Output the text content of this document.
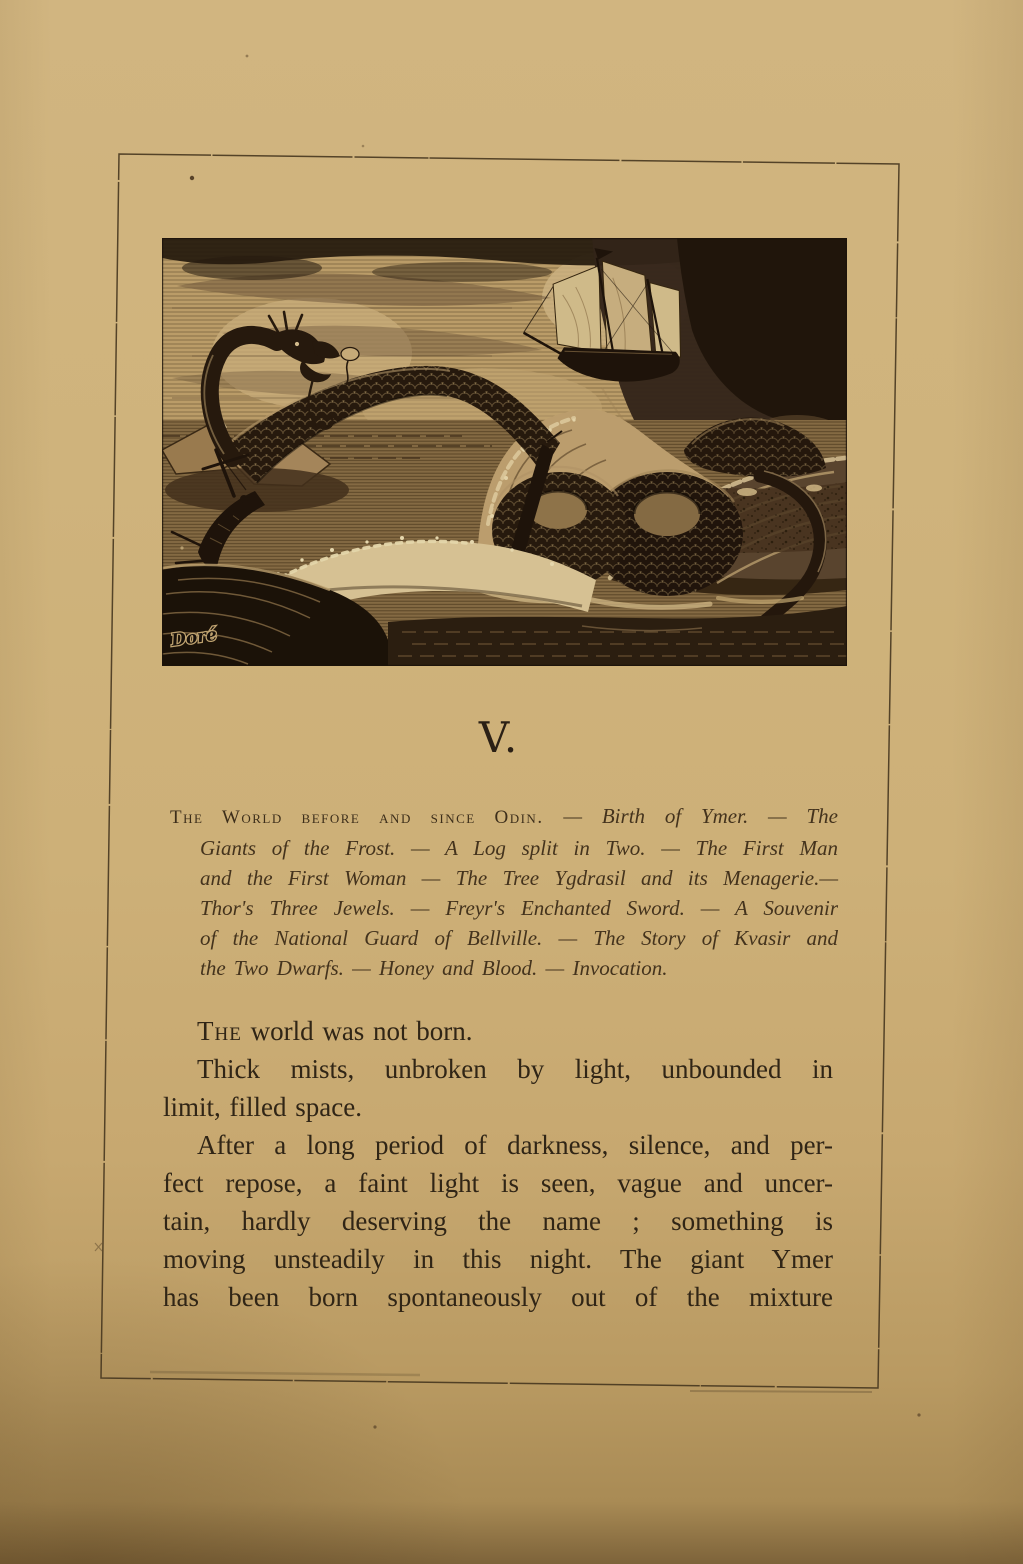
Doré
V.
The World before and since Odin. — Birth of Ymer. — The
Giants of the Frost. — A Log split in Two. — The First Man
and the First Woman — The Tree Ygdrasil and its Menagerie.—
Thor's Three Jewels. — Freyr's Enchanted Sword. — A Souvenir
of the National Guard of Bellville. — The Story of Kvasir and
the Two Dwarfs. — Honey and Blood. — Invocation.
The world was not born.
Thick mists, unbroken by light, unbounded in
limit, filled space.
After a long period of darkness, silence, and per-
fect repose, a faint light is seen, vague and uncer-
tain, hardly deserving the name ; something is
moving unsteadily in this night. The giant Ymer
has been born spontaneously out of the mixture
